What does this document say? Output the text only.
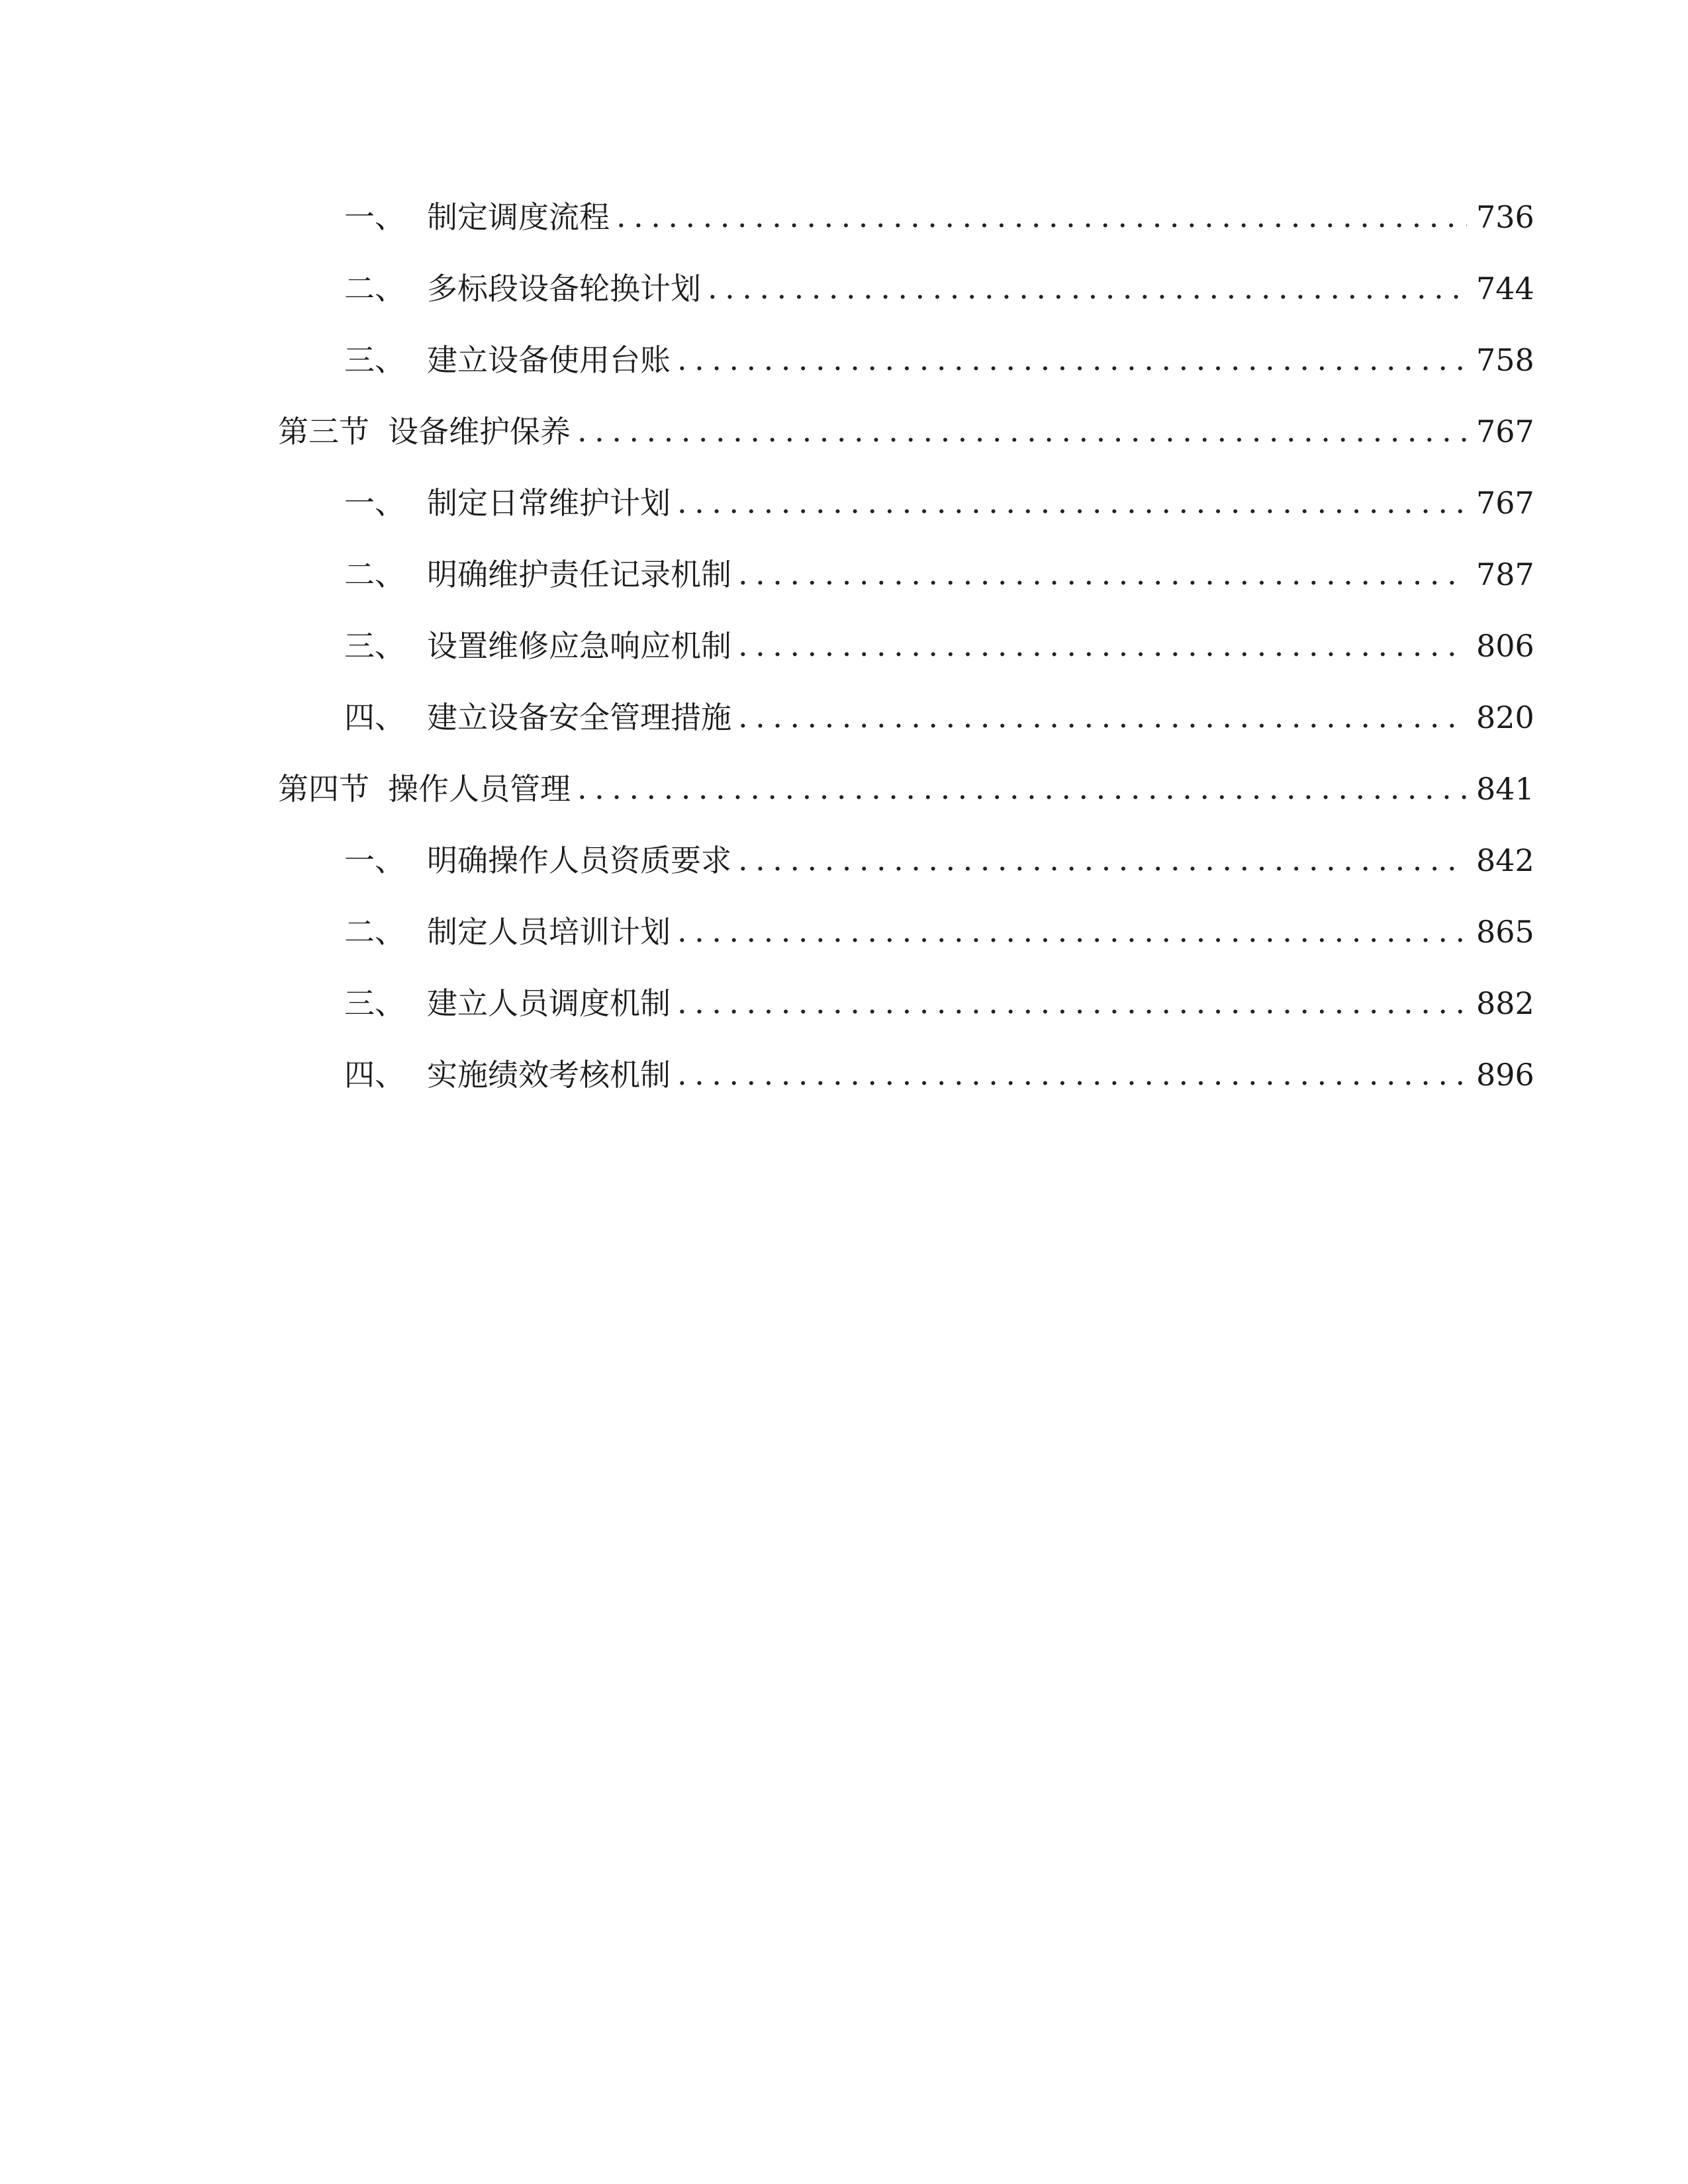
一、 制定调度流程 .....	736
二、 多标段设备轮换计划 .....	744
三、 建立设备使用台账 .....	758
第三节 设备维护保养 .....	767
一、 制定日常维护计划 .....	767
二、 明确维护责任记录机制 .....	787
三、 设置维修应急响应机制 .....	806
四、 建立设备安全管理措施 .....	820
第四节 操作人员管理 .....	841
一、 明确操作人员资质要求 .....	842
二、 制定人员培训计划 .....	865
三、 建立人员调度机制 .....	882
四、 实施绩效考核机制 .....	896
